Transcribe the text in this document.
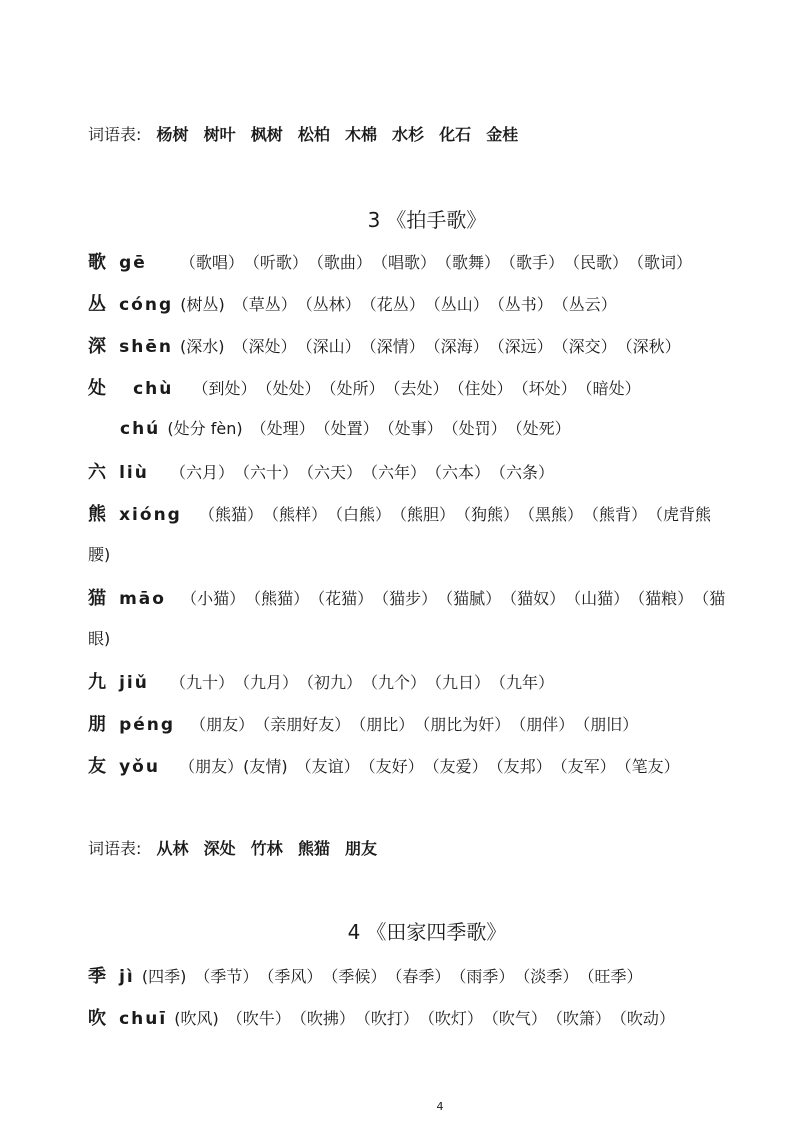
词语表: 杨树 树叶 枫树 松柏 木棉 水杉 化石 金桂
3 《拍手歌》
歌 gē （歌唱） （听歌） （歌曲） （唱歌） （歌舞） （歌手） （民歌） （歌词）
丛 cóng (树丛) （草丛） （丛林） （花丛） （丛山） （丛书） （丛云）
深 shēn (深水) （深处） （深山） （深情） （深海） （深远） （深交） （深秋）
处 chù （到处） （处处） （处所） （去处） （住处） （坏处） （暗处）
chú (处分 fèn) （处理） （处置） （处事） （处罚） （处死）
六 liù （六月） （六十） （六天） （六年） （六本） （六条）
熊 xióng （熊猫） （熊样） （白熊） （熊胆） （狗熊） （黑熊） （熊背） （虎背熊
腰)
猫 māo （小猫） （熊猫） （花猫） （猫步） （猫腻） （猫奴） （山猫） （猫粮） （猫
眼)
九 jiǔ （九十） （九月） （初九） （九个） （九日） （九年）
朋 péng （朋友） （亲朋好友） （朋比） （朋比为奸） （朋伴） （朋旧）
友 yǒu （朋友）(友情) （友谊） （友好） （友爱） （友邦） （友军） （笔友）
词语表: 从林 深处 竹林 熊猫 朋友
4 《田家四季歌》
季 jì (四季) （季节） （季风） （季候） （春季） （雨季） （淡季） （旺季）
吹 chuī (吹风) （吹牛） （吹拂） （吹打） （吹灯） （吹气） （吹箫） （吹动）
4
